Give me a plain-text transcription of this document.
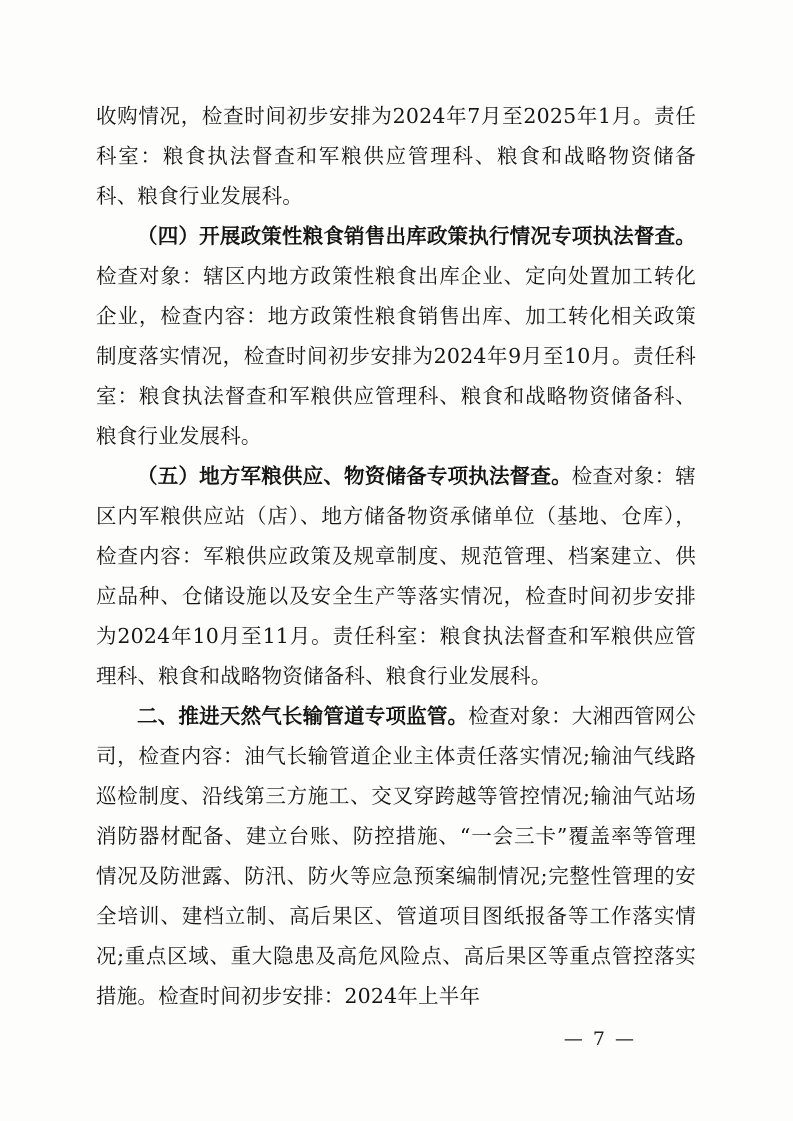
收购情况，检查时间初步安排为2024年7月至2025年1月。责任科室：粮食执法督查和军粮供应管理科、粮食和战略物资储备科、粮食行业发展科。

（四）开展政策性粮食销售出库政策执行情况专项执法督查。检查对象：辖区内地方政策性粮食出库企业、定向处置加工转化企业，检查内容：地方政策性粮食销售出库、加工转化相关政策制度落实情况，检查时间初步安排为2024年9月至10月。责任科室：粮食执法督查和军粮供应管理科、粮食和战略物资储备科、粮食行业发展科。

（五）地方军粮供应、物资储备专项执法督查。检查对象：辖区内军粮供应站（店）、地方储备物资承储单位（基地、仓库），检查内容：军粮供应政策及规章制度、规范管理、档案建立、供应品种、仓储设施以及安全生产等落实情况，检查时间初步安排为2024年10月至11月。责任科室：粮食执法督查和军粮供应管理科、粮食和战略物资储备科、粮食行业发展科。

二、推进天然气长输管道专项监管。检查对象：大湘西管网公司，检查内容：油气长输管道企业主体责任落实情况;输油气线路巡检制度、沿线第三方施工、交叉穿跨越等管控情况;输油气站场消防器材配备、建立台账、防控措施、“一会三卡”覆盖率等管理情况及防泄露、防汛、防火等应急预案编制情况;完整性管理的安全培训、建档立制、高后果区、管道项目图纸报备等工作落实情况;重点区域、重大隐患及高危风险点、高后果区等重点管控落实措施。检查时间初步安排：2024年上半年

— 7 —
